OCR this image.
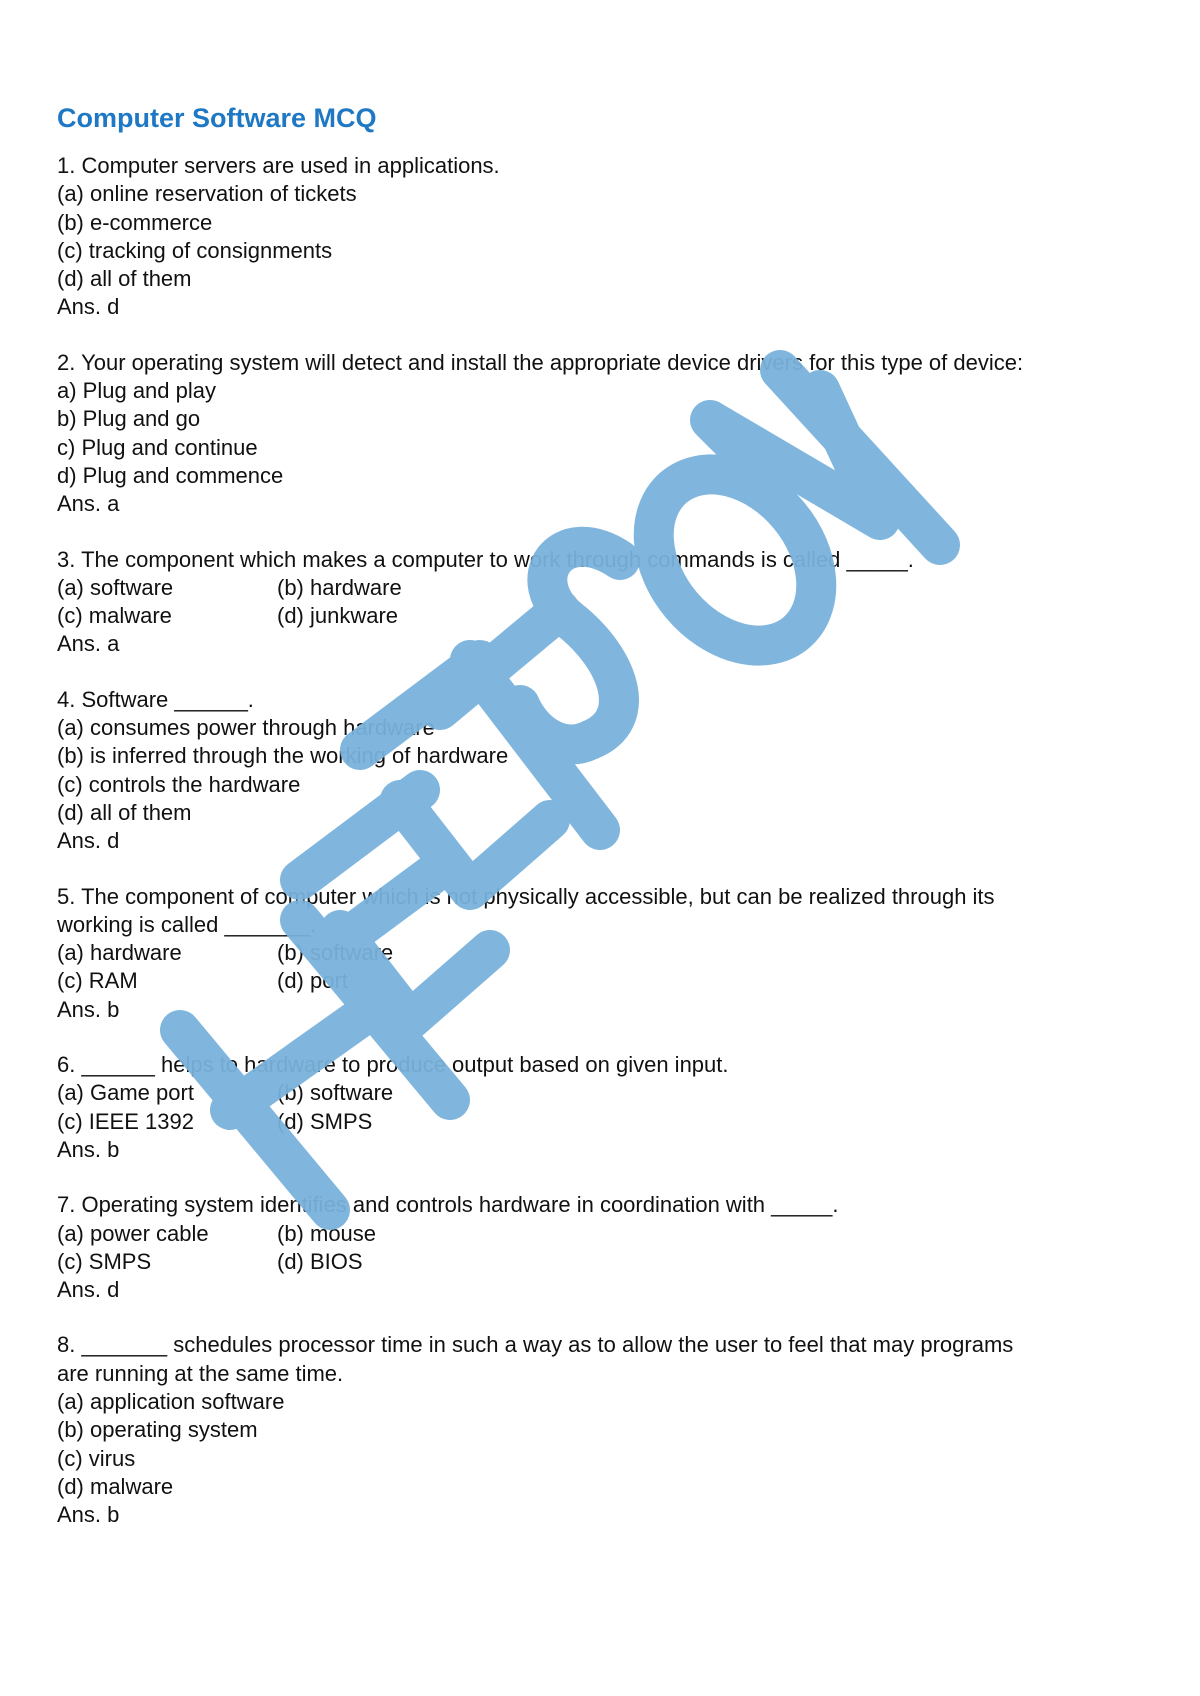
Computer Software MCQ
1. Computer servers are used in applications.
(a) online reservation of tickets
(b) e-commerce
(c) tracking of consignments
(d) all of them
Ans. d
2. Your operating system will detect and install the appropriate device drivers for this type of device:
a) Plug and play
b) Plug and go
c) Plug and continue
d) Plug and commence
Ans. a
3. The component which makes a computer to work through commands is called _____.
(a) software	(b) hardware
(c) malware	(d) junkware
Ans. a
4. Software ______.
(a) consumes power through hardware
(b) is inferred through the working of hardware
(c) controls the hardware
(d) all of them
Ans. d
5. The component of computer which is not physically accessible, but can be realized through its
working is called _______.
(a) hardware	(b) software
(c) RAM	(d) port
Ans. b
6. ______ helps to hardware to produce output based on given input.
(a) Game port	(b) software
(c) IEEE 1392	(d) SMPS
Ans. b
7. Operating system identifies and controls hardware in coordination with _____.
(a) power cable	(b) mouse
(c) SMPS	(d) BIOS
Ans. d
8. _______ schedules processor time in such a way as to allow the user to feel that may programs
are running at the same time.
(a) application software
(b) operating system
(c) virus
(d) malware
Ans. b
